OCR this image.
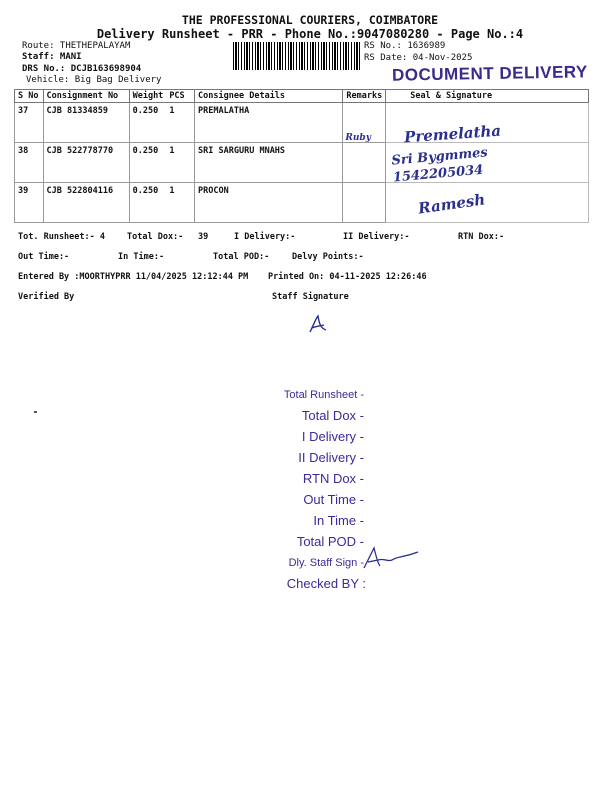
THE PROFESSIONAL COURIERS, COIMBATORE
Delivery Runsheet - PRR - Phone No.:9047080280 - Page No.:4
Route: THETHEPALAYAM
Staff: MANI
DRS No.: DCJB163698904
Vehicle: Big Bag Delivery
RS No.: 1636989
RS Date: 04-Nov-2025
DOCUMENT DELIVERY
S No	Consignment No	Weight	PCS	Consignee Details	Remarks	Seal & Signature
37	CJB 81334859	0.250	1	PREMALATHA	Ruby	Premelatha

38	CJB 522778770	0.250	1	SRI SARGURU MNAHS		Sri Bygmmes 1542205034

39	CJB 522804116	0.250	1	PROCON		Ramesh
Tot. Runsheet:- 4	Total Dox:- 39	I Delivery:-	II Delivery:-	RTN Dox:-
Out Time:-	In Time:-	Total POD:-	Delvy Points:-
Entered By :MOORTHYPRR 11/04/2025 12:12:44 PM Printed On: 04-11-2025 12:26:46
Verified By	Staff Signature
Total Runsheet -
Total Dox -
I Delivery -
II Delivery -
RTN Dox -
Out Time -
In Time -
Total POD -
Dly. Staff Sign -
Checked BY :
